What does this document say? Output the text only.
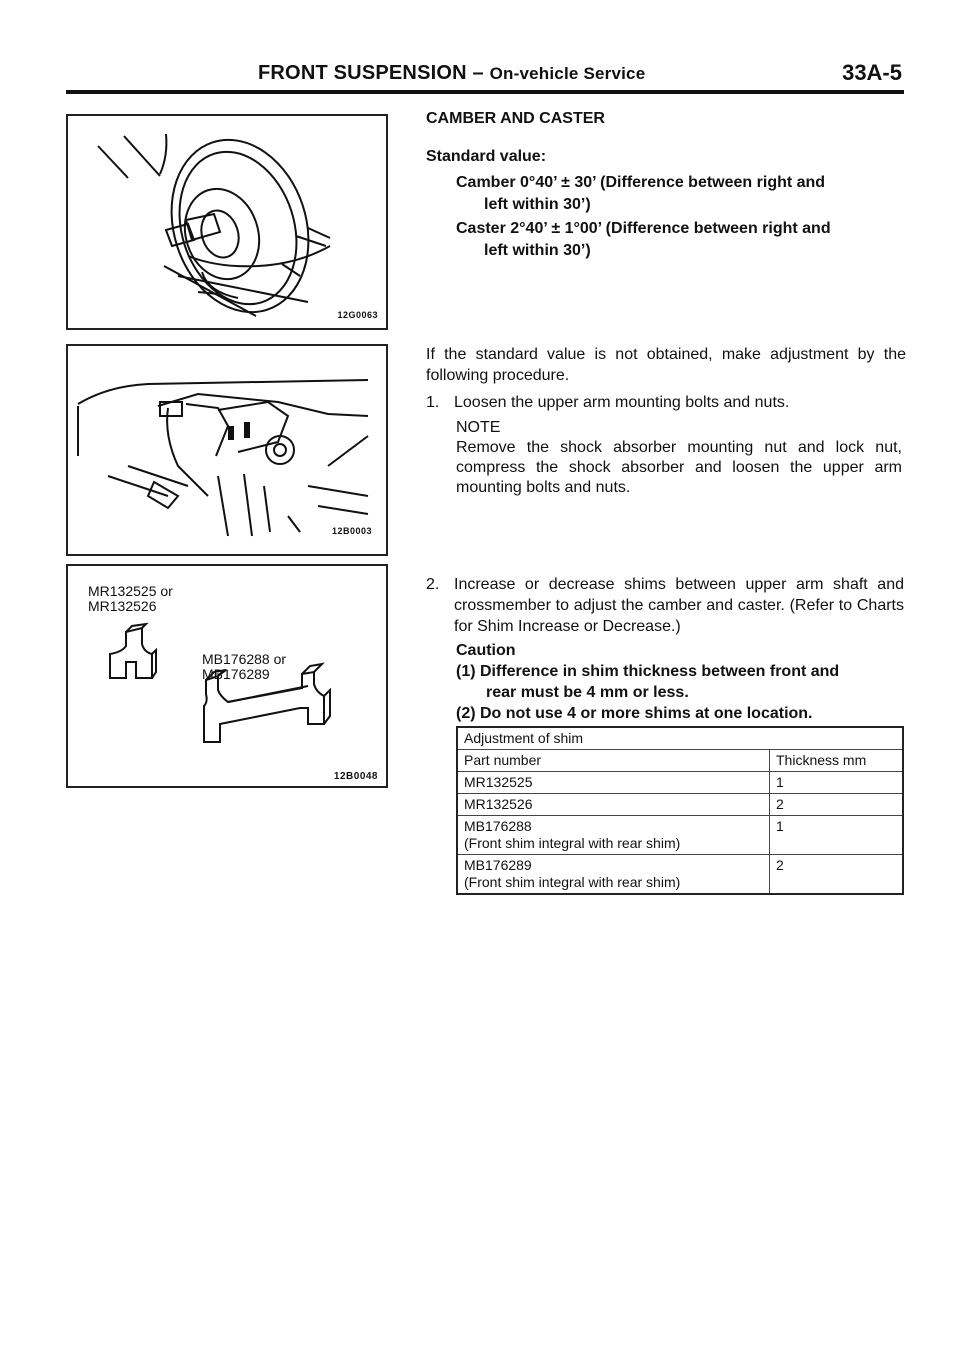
FRONT SUSPENSION – On-vehicle Service	33A-5
12G0063
12B0003
MR132525 or
MR132526
MB176288 or
MB176289
12B0048
CAMBER AND CASTER
Standard value:
Camber 0°40’ ± 30’ (Difference between right and
left within 30’)
Caster 2°40’ ± 1°00’ (Difference between right and
left within 30’)
If the standard value is not obtained, make adjustment by the following procedure.
1. Loosen the upper arm mounting bolts and nuts.
NOTE
Remove the shock absorber mounting nut and lock nut, compress the shock absorber and loosen the upper arm mounting bolts and nuts.
2. Increase or decrease shims between upper arm shaft and crossmember to adjust the camber and caster. (Refer to Charts for Shim Increase or Decrease.)
Caution
(1) Difference in shim thickness between front and
rear must be 4 mm or less.
(2) Do not use 4 or more shims at one location.
Adjustment of shim	
Part number	Thickness mm

MR132525	1

MR132526	2

MB176288
(Front shim integral with rear shim)	1

MB176289
(Front shim integral with rear shim)	2
